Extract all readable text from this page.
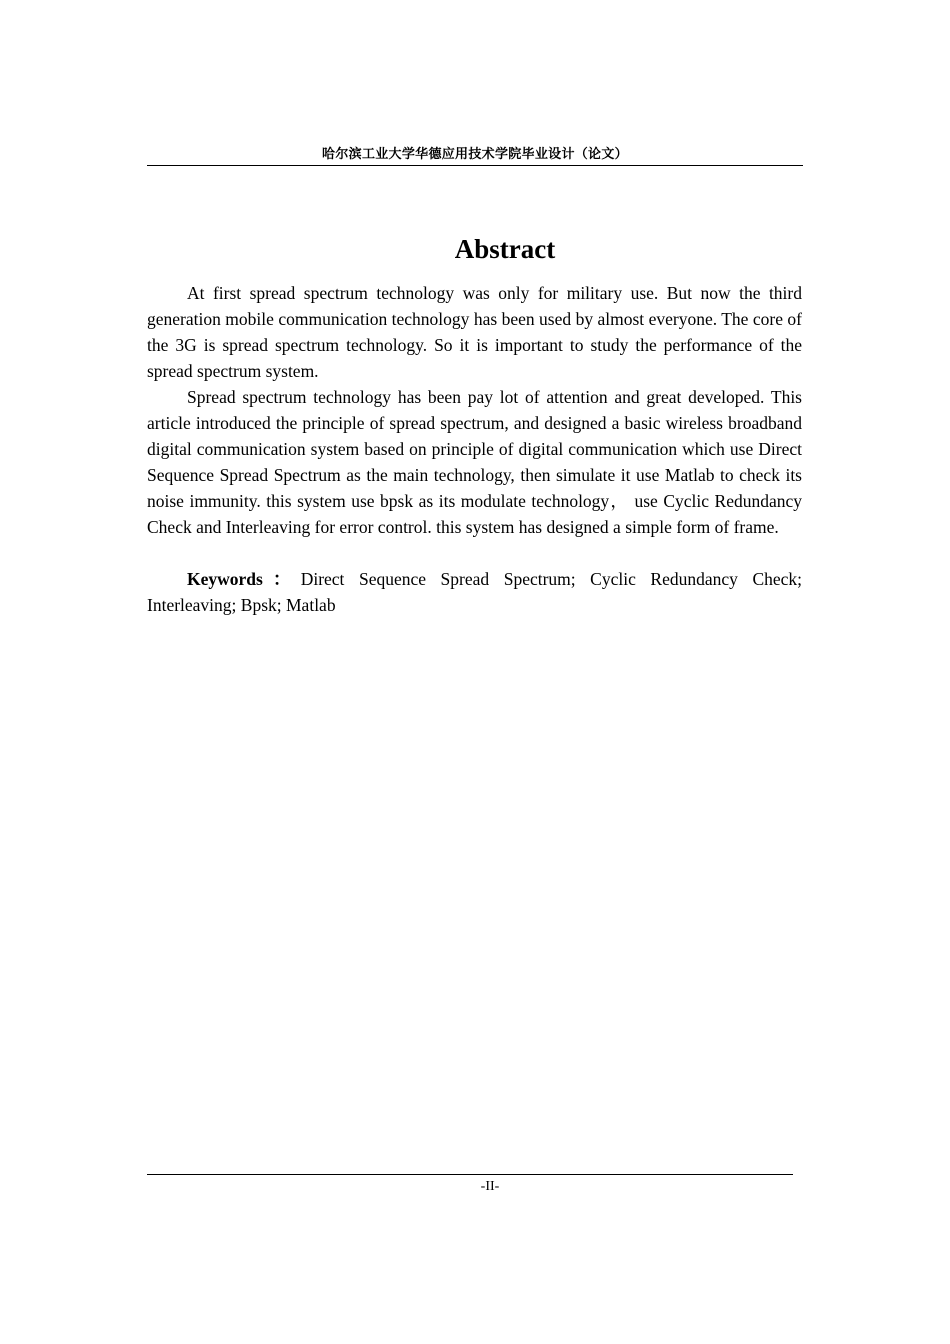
哈尔滨工业大学华德应用技术学院毕业设计（论文）
Abstract

At first spread spectrum technology was only for military use. But now the third generation mobile communication technology has been used by almost everyone. The core of the 3G is spread spectrum technology. So it is important to study the performance of the spread spectrum system.

Spread spectrum technology has been pay lot of attention and great developed. This article introduced the principle of spread spectrum, and designed a basic wireless broadband digital communication system based on principle of digital communication which use Direct Sequence Spread Spectrum as the main technology, then simulate it use Matlab to check its noise immunity. this system use bpsk as its modulate technology， use Cyclic Redundancy Check and Interleaving for error control. this system has designed a simple form of frame.

Keywords：Direct Sequence Spread Spectrum; Cyclic Redundancy Check; Interleaving; Bpsk; Matlab

-II-
